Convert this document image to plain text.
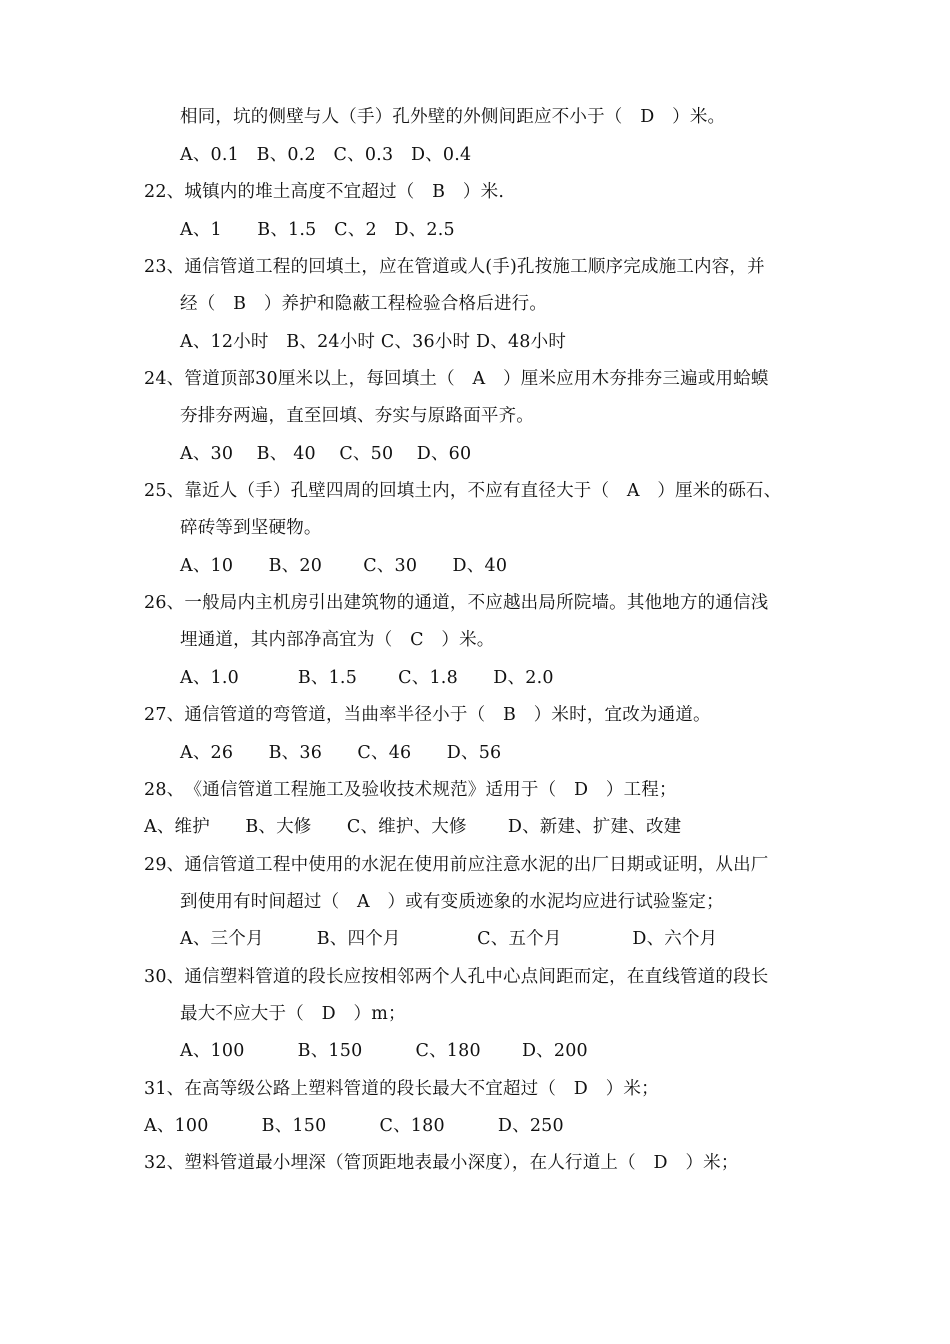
相同，坑的侧壁与人（手）孔外壁的外侧间距应不小于（　D　）米。
A、0.1　B、0.2　C、0.3　D、0.4
22、城镇内的堆土高度不宜超过（　B　）米.
A、1　　B、1.5　C、2　D、2.5
23、通信管道工程的回填土，应在管道或人(手)孔按施工顺序完成施工内容，并
经（　B　）养护和隐蔽工程检验合格后进行。
A、12小时　B、24小时 C、36小时 D、48小时
24、管道顶部30厘米以上，每回填土（　A　）厘米应用木夯排夯三遍或用蛤蟆
夯排夯两遍，直至回填、夯实与原路面平齐。
A、30　 B、 40　 C、50　 D、60
25、靠近人（手）孔壁四周的回填土内，不应有直径大于（　A　）厘米的砾石、
碎砖等到坚硬物。
A、10　　B、20　　 C、30　　D、40
26、一般局内主机房引出建筑物的通道，不应越出局所院墙。其他地方的通信浅
埋通道，其内部净高宜为（　C　）米。
A、1.0　　　 B、1.5　　 C、1.8　　D、2.0
27、通信管道的弯管道，当曲率半径小于（　B　）米时，宜改为通道。
A、26　　B、36　　C、46　　D、56
28、　《通信管道工程施工及验收技术规范》适用于（　D　）工程；
A、维护　　B、大修　　C、维护、大修　　 D、新建、扩建、改建
29、通信管道工程中使用的水泥在使用前应注意水泥的出厂日期或证明，从出厂
到使用有时间超过（　A　）或有变质迹象的水泥均应进行试验鉴定；
A、三个月　　　B、四个月　　　　 C、五个月　　　　D、六个月
30、通信塑料管道的段长应按相邻两个人孔中心点间距而定，在直线管道的段长
最大不应大于（　D　）m；
A、100　　　B、150　　　C、180　　 D、200
31、在高等级公路上塑料管道的段长最大不宜超过（　D　）米；
A、100　　　B、150　　　C、180　　　D、250
32、塑料管道最小埋深（管顶距地表最小深度），在人行道上（　D　）米；
